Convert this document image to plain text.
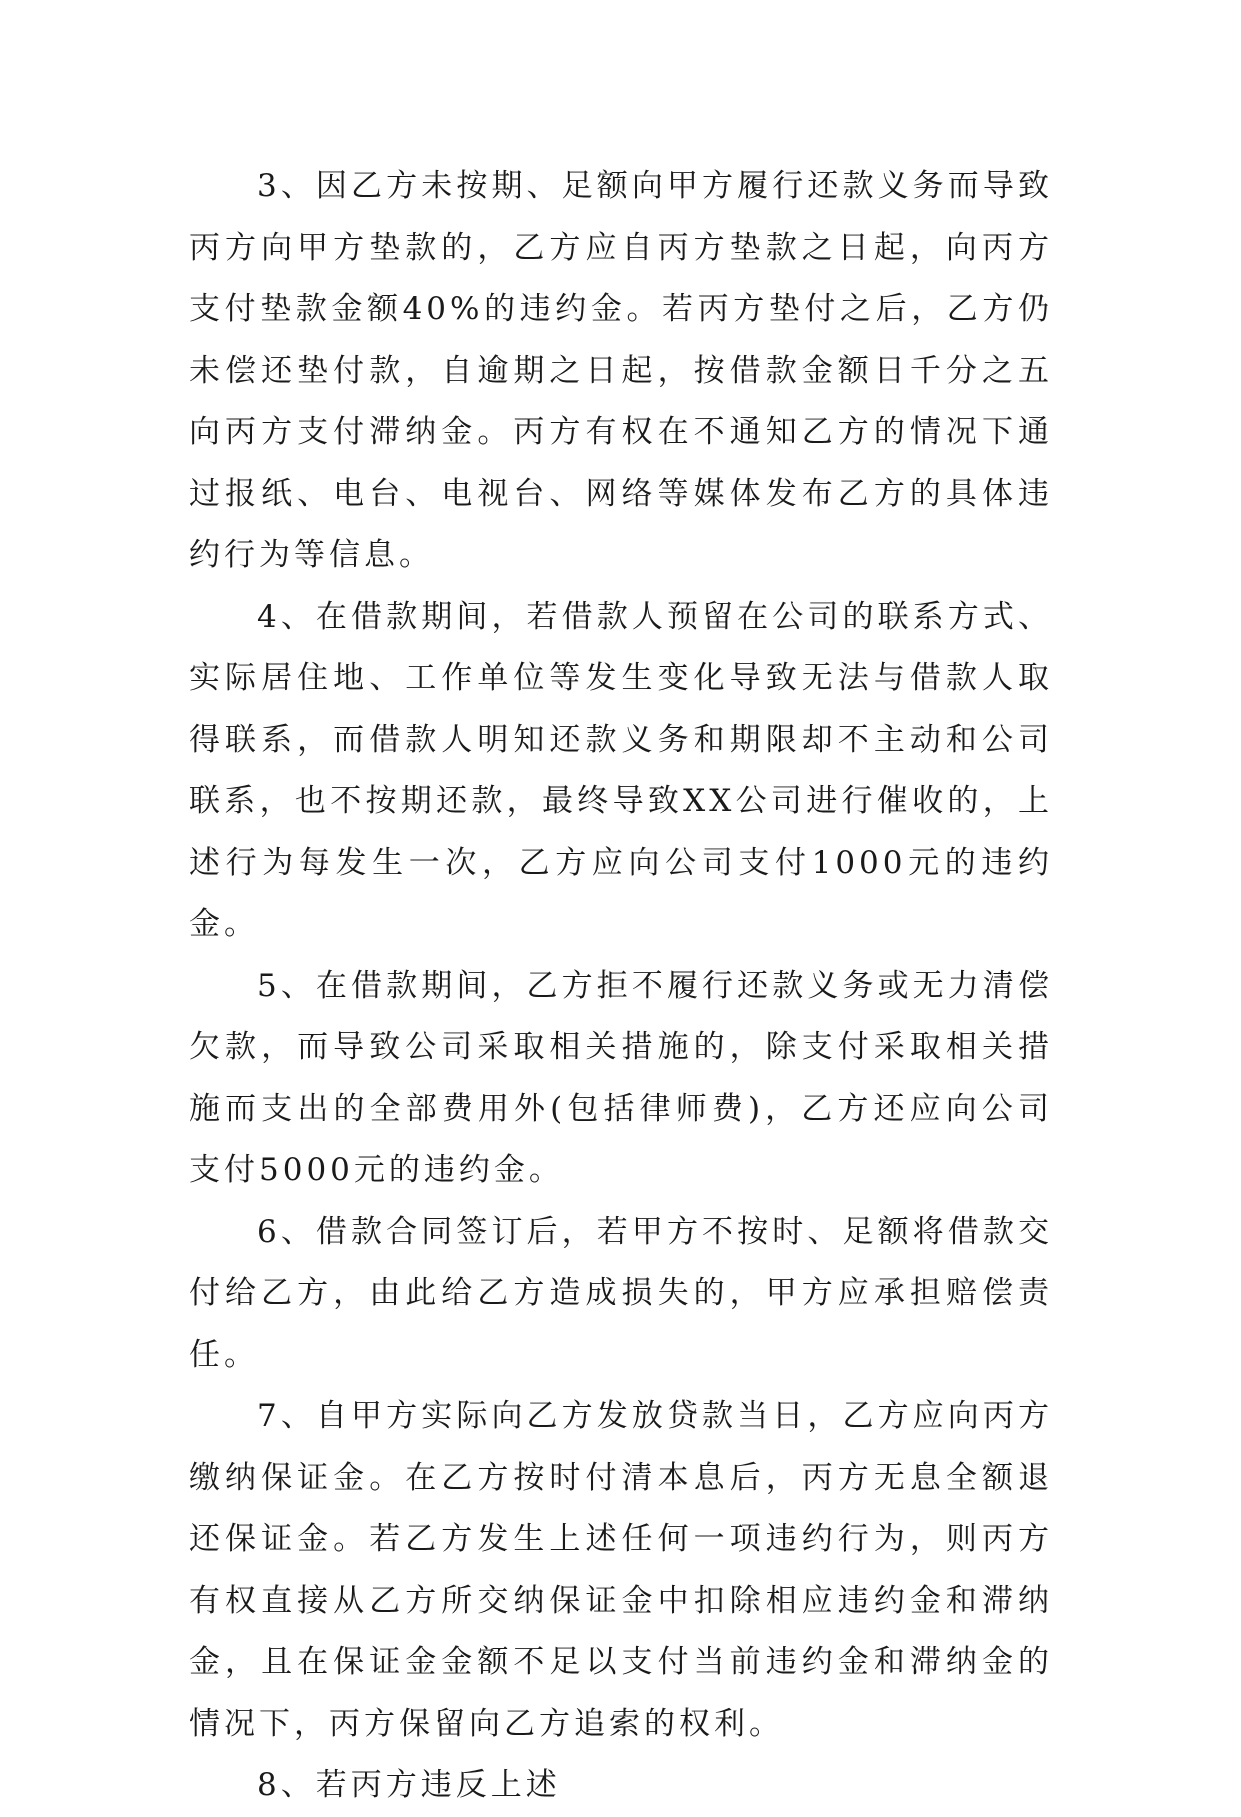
3、因乙方未按期、足额向甲方履行还款义务而导致丙方向甲方垫款的，乙方应自丙方垫款之日起，向丙方支付垫款金额40%的违约金。若丙方垫付之后，乙方仍未偿还垫付款，自逾期之日起，按借款金额日千分之五向丙方支付滞纳金。丙方有权在不通知乙方的情况下通过报纸、电台、电视台、网络等媒体发布乙方的具体违约行为等信息。

4、在借款期间，若借款人预留在公司的联系方式、实际居住地、工作单位等发生变化导致无法与借款人取得联系，而借款人明知还款义务和期限却不主动和公司联系，也不按期还款，最终导致XX公司进行催收的，上述行为每发生一次，乙方应向公司支付1000元的违约金。

5、在借款期间，乙方拒不履行还款义务或无力清偿欠款，而导致公司采取相关措施的，除支付采取相关措施而支出的全部费用外(包括律师费)，乙方还应向公司支付5000元的违约金。

6、借款合同签订后，若甲方不按时、足额将借款交付给乙方，由此给乙方造成损失的，甲方应承担赔偿责任。

7、自甲方实际向乙方发放贷款当日，乙方应向丙方缴纳保证金。在乙方按时付清本息后，丙方无息全额退还保证金。若乙方发生上述任何一项违约行为，则丙方有权直接从乙方所交纳保证金中扣除相应违约金和滞纳金，且在保证金金额不足以支付当前违约金和滞纳金的情况下，丙方保留向乙方追索的权利。

8、若丙方违反上述
